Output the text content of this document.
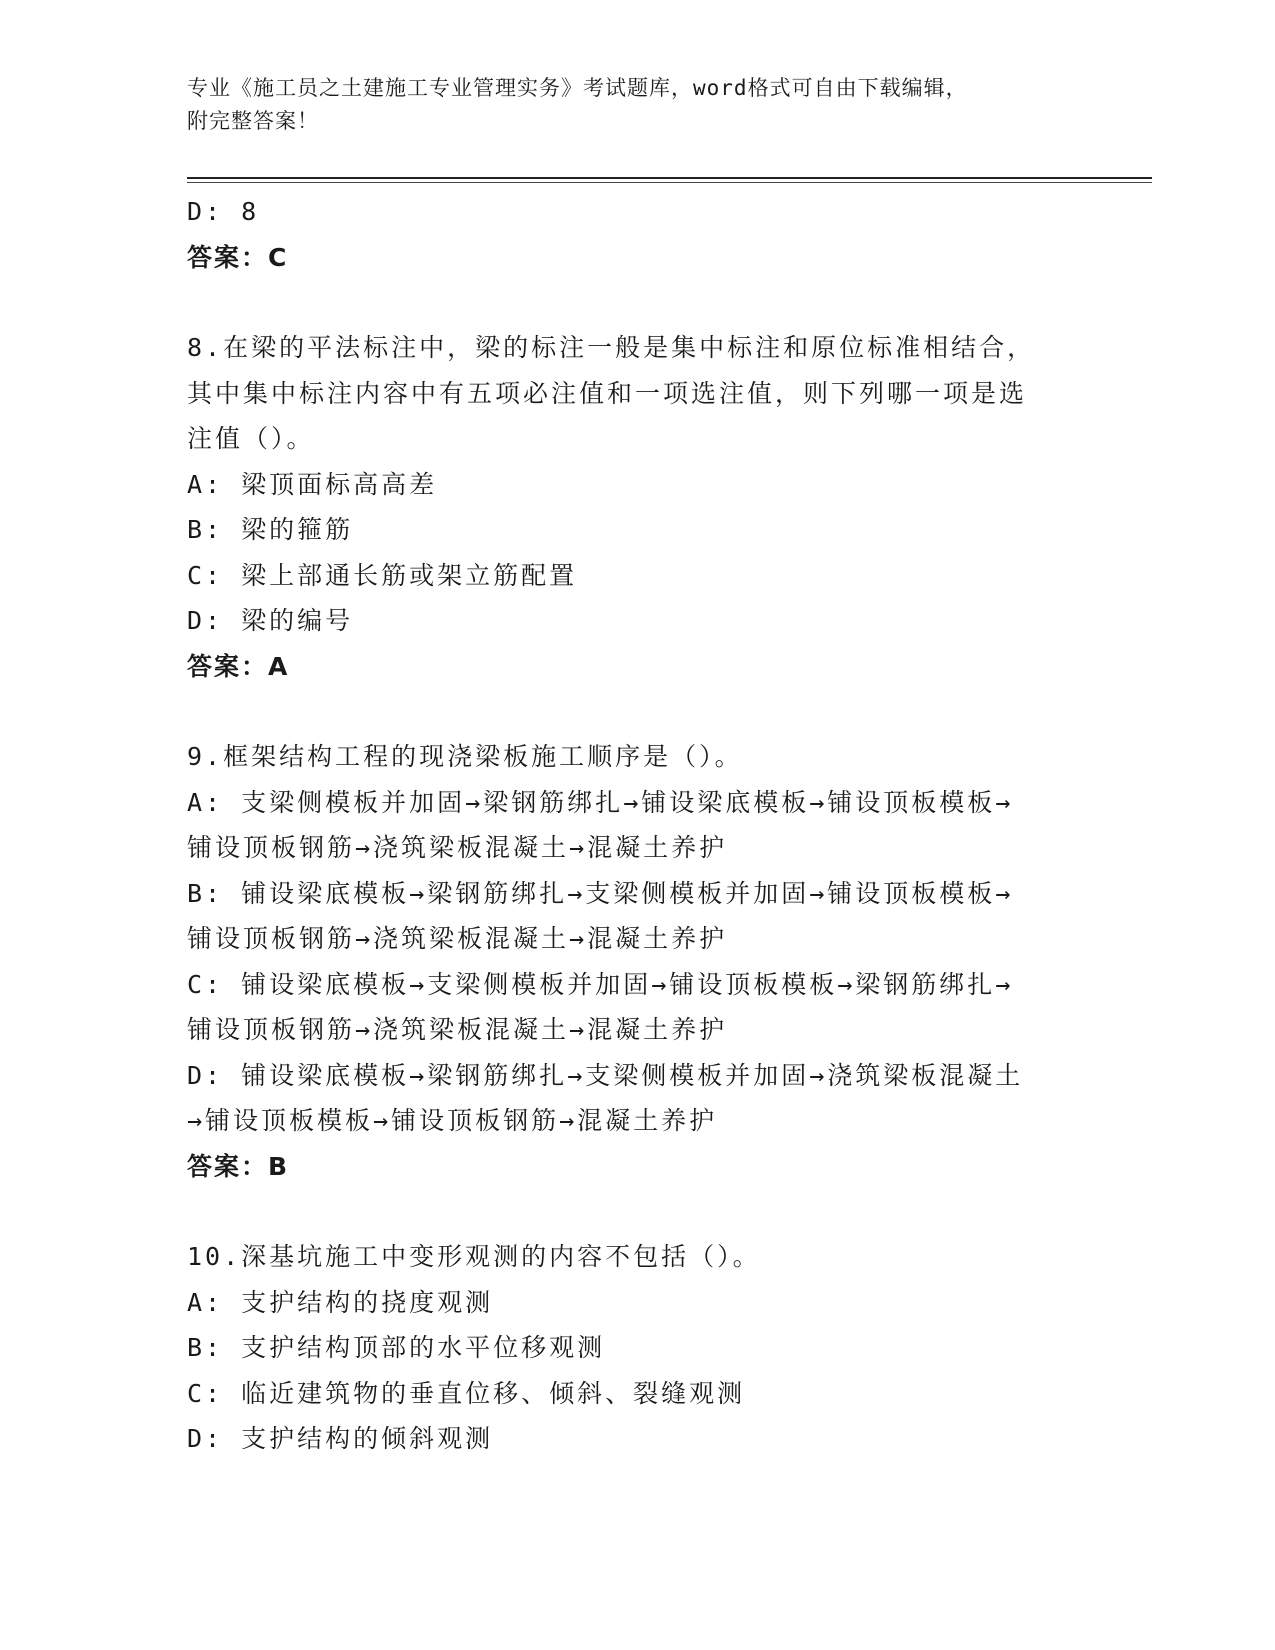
专业《施工员之土建施工专业管理实务》考试题库，word格式可自由下载编辑，
附完整答案！
D: 8
答案：C
8.在梁的平法标注中，梁的标注一般是集中标注和原位标准相结合，
其中集中标注内容中有五项必注值和一项选注值，则下列哪一项是选
注值（）。
A: 梁顶面标高高差
B: 梁的箍筋
C: 梁上部通长筋或架立筋配置
D: 梁的编号
答案：A
9.框架结构工程的现浇梁板施工顺序是（）。
A: 支梁侧模板并加固→梁钢筋绑扎→铺设梁底模板→铺设顶板模板→
铺设顶板钢筋→浇筑梁板混凝土→混凝土养护
B: 铺设梁底模板→梁钢筋绑扎→支梁侧模板并加固→铺设顶板模板→
铺设顶板钢筋→浇筑梁板混凝土→混凝土养护
C: 铺设梁底模板→支梁侧模板并加固→铺设顶板模板→梁钢筋绑扎→
铺设顶板钢筋→浇筑梁板混凝土→混凝土养护
D: 铺设梁底模板→梁钢筋绑扎→支梁侧模板并加固→浇筑梁板混凝土
→铺设顶板模板→铺设顶板钢筋→混凝土养护
答案：B
10.深基坑施工中变形观测的内容不包括（）。
A: 支护结构的挠度观测
B: 支护结构顶部的水平位移观测
C: 临近建筑物的垂直位移、倾斜、裂缝观测
D: 支护结构的倾斜观测
